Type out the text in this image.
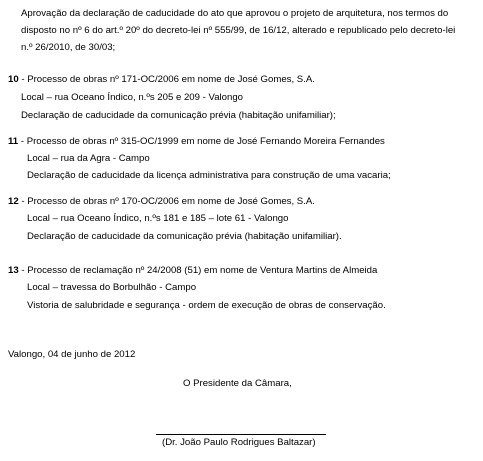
Aprovação da declaração de caducidade do ato que aprovou o projeto de arquitetura, nos termos do
disposto no nº 6 do art.º 20º do decreto-lei nº 555/99, de 16/12, alterado e republicado pelo decreto-lei
n.º 26/2010, de 30/03;
10 - Processo de obras nº 171-OC/2006 em nome de José Gomes, S.A.
Local – rua Oceano Índico, n.ºs 205 e 209 - Valongo
Declaração de caducidade da comunicação prévia (habitação unifamiliar);
11 - Processo de obras nº 315-OC/1999 em nome de José Fernando Moreira Fernandes
Local – rua da Agra - Campo
Declaração de caducidade da licença administrativa para construção de uma vacaria;
12 - Processo de obras nº 170-OC/2006 em nome de José Gomes, S.A.
Local – rua Oceano Índico, n.ºs 181 e 185 – lote 61 - Valongo
Declaração de caducidade da comunicação prévia (habitação unifamiliar).
13 - Processo de reclamação nº 24/2008 (51) em nome de Ventura Martins de Almeida
Local – travessa do Borbulhão - Campo
Vistoria de salubridade e segurança - ordem de execução de obras de conservação.
Valongo, 04 de junho de 2012
O Presidente da Câmara,
(Dr. João Paulo Rodrigues Baltazar)
